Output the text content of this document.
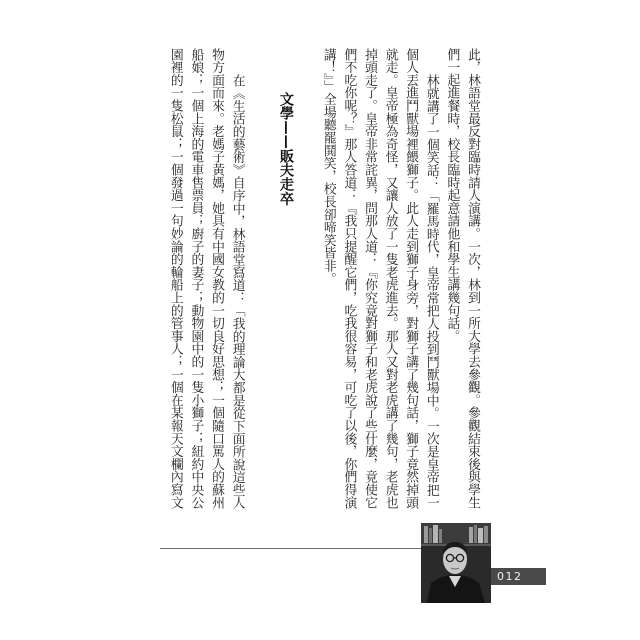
此，林語堂最反對臨時請人演講。一次，林到一所大學去參觀。參觀結束後與學生
們一起進餐時，校長臨時起意請他和學生講幾句話。
林就講了一個笑話：「羅馬時代，皇帝常把人投到鬥獸場中。一次是皇帝把一
個人丟進鬥獸場裡餵獅子。此人走到獅子身旁，對獅子講了幾句話，獅子竟然掉頭
就走。皇帝極為奇怪，又讓人放了一隻老虎進去。那人又對老虎講了幾句，老虎也
掉頭走了。皇帝非常詫異，問那人道：『你究竟對獅子和老虎說了些什麼，竟使它
們不吃你呢？』那人答道：『我只提醒它們，吃我很容易，可吃了以後，你們得演
講！』」全場聽罷鬨笑，校長卻啼笑皆非。
文學——販夫走卒
在《生活的藝術》自序中，林語堂寫道：「我的理論大都是從下面所說這些人
物方面而來。老媽子黃媽，她具有中國女教的一切良好思想；一個隨口罵人的蘇州
船娘；一個上海的電車售票員；廚子的妻子；動物園中的一隻小獅子；紐約中央公
園裡的一隻松鼠；一個發過一句妙論的輪船上的管事人；一個在某報天文欄內寫文
012
